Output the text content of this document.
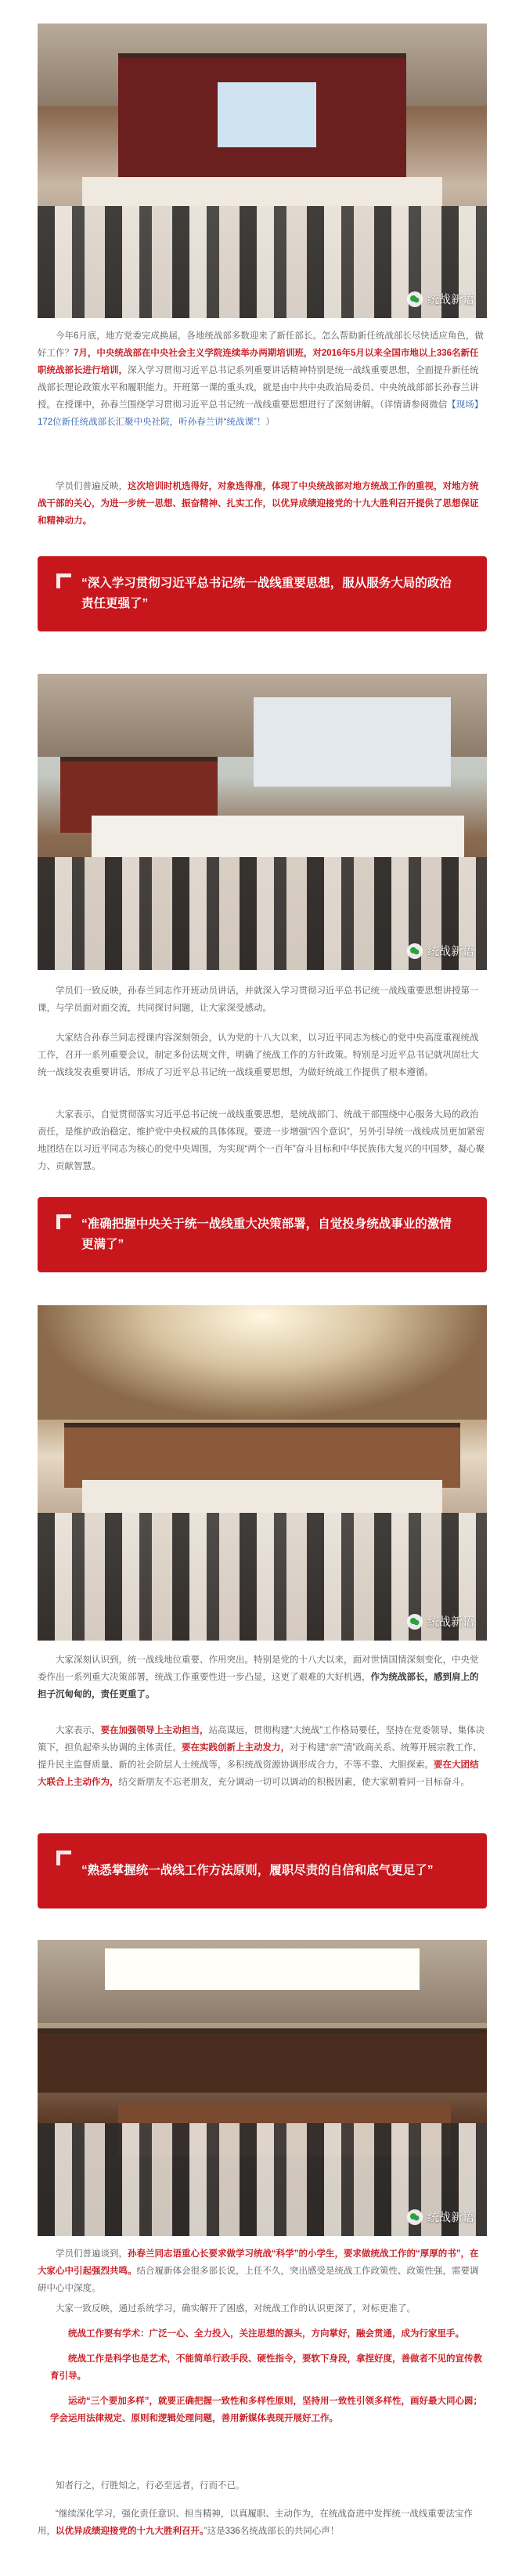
统战新语

今年6月底，地方党委完成换届，各地统战部多数迎来了新任部长。怎么帮助新任统战部长尽快适应角色，做好工作？7月，中央统战部在中央社会主义学院连续举办两期培训班，对2016年5月以来全国市地以上336名新任职统战部长进行培训，深入学习贯彻习近平总书记系列重要讲话精神特别是统一战线重要思想，全面提升新任统战部长理论政策水平和履职能力。开班第一课的重头戏，就是由中共中央政治局委员、中央统战部部长孙春兰讲授。在授课中，孙春兰围绕学习贯彻习近平总书记统一战线重要思想进行了深刻讲解。（详情请参阅微信【现场】172位新任统战部长汇聚中央社院，听孙春兰讲“统战课”！）

学员们普遍反映，这次培训时机选得好，对象选得准，体现了中央统战部对地方统战工作的重视，对地方统战干部的关心，为进一步统一思想、振奋精神、扎实工作，以优异成绩迎接党的十九大胜利召开提供了思想保证和精神动力。

“深入学习贯彻习近平总书记统一战线重要思想，服从服务大局的政治责任更强了”

统战新语

学员们一致反映，孙春兰同志作开班动员讲话，并就深入学习贯彻习近平总书记统一战线重要思想讲授第一课，与学员面对面交流，共同探讨问题，让大家深受感动。

大家结合孙春兰同志授课内容深刻领会，认为党的十八大以来，以习近平同志为核心的党中央高度重视统战工作，召开一系列重要会议，制定多份法规文件，明确了统战工作的方针政策。特别是习近平总书记就巩固壮大统一战线发表重要讲话，形成了习近平总书记统一战线重要思想，为做好统战工作提供了根本遵循。

大家表示，自觉贯彻落实习近平总书记统一战线重要思想，是统战部门、统战干部围绕中心服务大局的政治责任，是维护政治稳定、维护党中央权威的具体体现。要进一步增强“四个意识”，另外引导统一战线成员更加紧密地团结在以习近平同志为核心的党中央周围，为实现“两个一百年”奋斗目标和中华民族伟大复兴的中国梦，凝心聚力、贡献智慧。

“准确把握中央关于统一战线重大决策部署，自觉投身统战事业的激情更满了”

统战新语

大家深刻认识到，统一战线地位重要、作用突出。特别是党的十八大以来，面对世情国情深刻变化，中央党委作出一系列重大决策部署，统战工作重要性进一步凸显，这更了艰难的大好机遇，作为统战部长，感到肩上的担子沉甸甸的，责任更重了。

大家表示，要在加强领导上主动担当，站高谋远，贯彻构建“大统战”工作格局要任，坚持在党委领导、集体决策下，担负起牵头协调的主体责任。要在实践创新上主动发力，对于构建“亲”“清”政商关系、统筹开展宗教工作、提升民主监督质量、新的社会阶层人士统战等，多积统战资源协调形成合力，不等不靠、大胆探索。要在大团结大联合上主动作为，结交新朋友不忘老朋友，充分调动一切可以调动的积极因素，使大家朝着同一目标奋斗。

“熟悉掌握统一战线工作方法原则，履职尽责的自信和底气更足了”

统战新语

学员们普遍谈到，孙春兰同志语重心长要求做学习统战“科学”的小学生，要求做统战工作的“厚厚的书”，在大家心中引起强烈共鸣。结合履新体会很多部长说，上任不久，突出感受是统战工作政策性、政策性强，需要调研中心中深度。

大家一致反映，通过系统学习，确实解开了困惑，对统战工作的认识更深了，对标更准了。

统战工作要有学术：广泛一心、全力投入，关注思想的源头，方向掌好，融会贯通，成为行家里手。

统战工作是科学也是艺术，不能简单行政手段、硬性指令，要软下身段，拿捏好度，善做者不见的宣传教育引导。

运动“三个要加多样”，就要正确把握一致性和多样性原则，坚持用一致性引领多样性，画好最大同心圆；学会运用法律规定、原则和逻辑处理问题，善用新媒体表现开展好工作。

知者行之，行胜知之，行必至远者，行而不已。

“继续深化学习，强化责任意识、担当精神，以真履职、主动作为，在统战奋进中发挥统一战线重要法宝作用，以优异成绩迎接党的十九大胜利召开。”这是336名统战部长的共同心声！
